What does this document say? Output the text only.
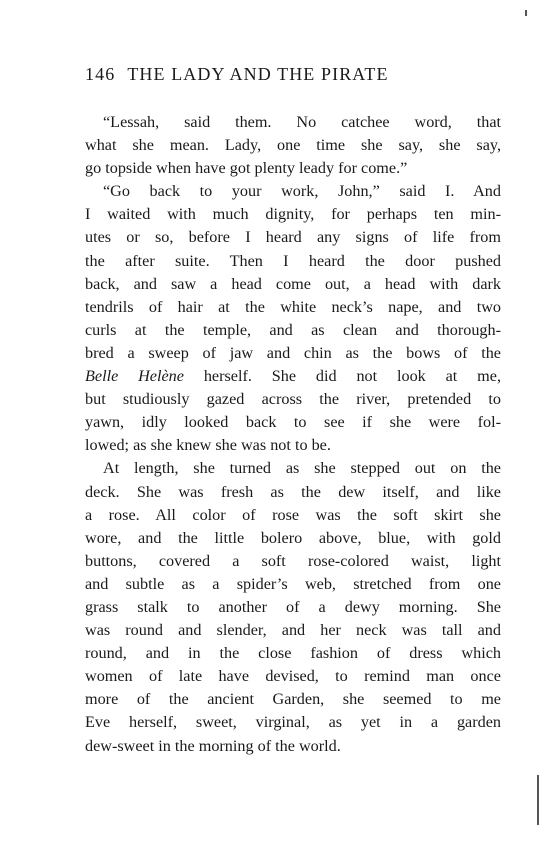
146 THE LADY AND THE PIRATE
“Lessah, said them. No catchee word, that
what she mean. Lady, one time she say, she say,
go topside when have got plenty leady for come.”
“Go back to your work, John,” said I. And
I waited with much dignity, for perhaps ten min-
utes or so, before I heard any signs of life from
the after suite. Then I heard the door pushed
back, and saw a head come out, a head with dark
tendrils of hair at the white neck’s nape, and two
curls at the temple, and as clean and thorough-
bred a sweep of jaw and chin as the bows of the
Belle Helène herself. She did not look at me,
but studiously gazed across the river, pretended to
yawn, idly looked back to see if she were fol-
lowed; as she knew she was not to be.
At length, she turned as she stepped out on the
deck. She was fresh as the dew itself, and like
a rose. All color of rose was the soft skirt she
wore, and the little bolero above, blue, with gold
buttons, covered a soft rose-colored waist, light
and subtle as a spider’s web, stretched from one
grass stalk to another of a dewy morning. She
was round and slender, and her neck was tall and
round, and in the close fashion of dress which
women of late have devised, to remind man once
more of the ancient Garden, she seemed to me
Eve herself, sweet, virginal, as yet in a garden
dew-sweet in the morning of the world.
